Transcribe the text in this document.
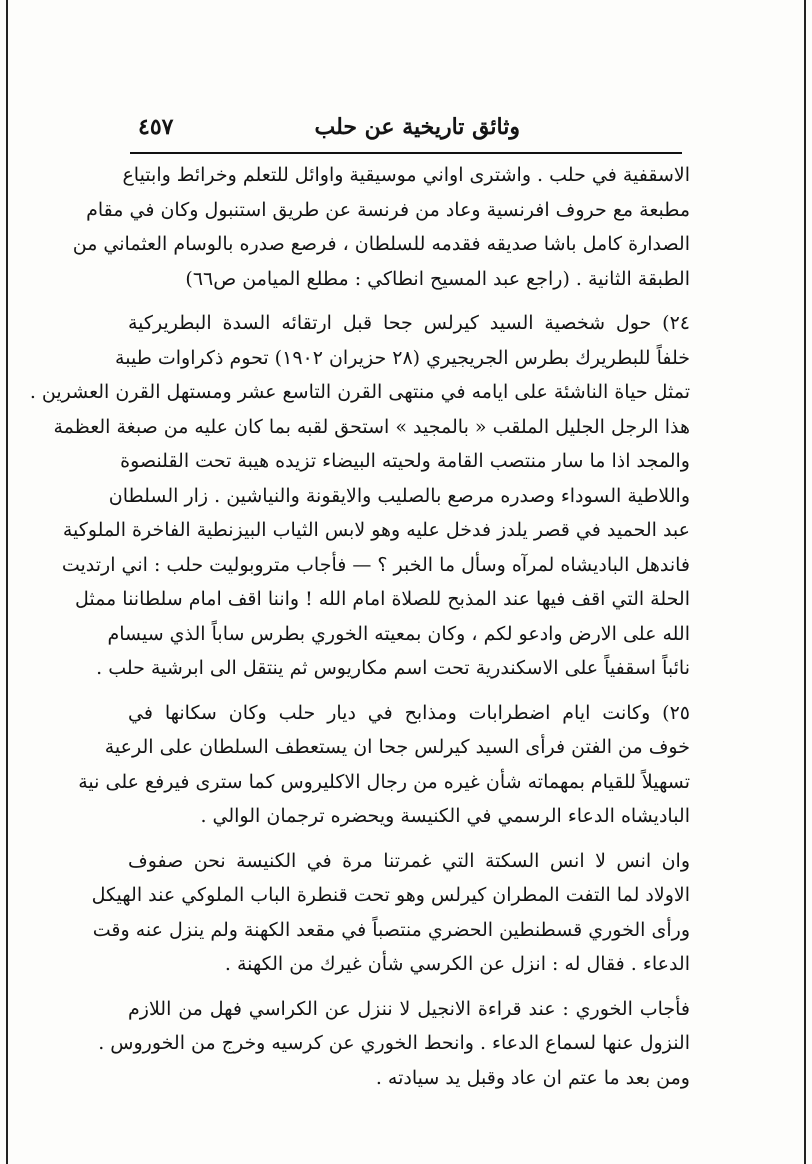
وثائق تاريخية عن حلب
٤٥٧
الاسقفية في حلب . واشترى اواني موسيقية واوائل للتعلم وخرائط وابتياع
مطبعة مع حروف افرنسية وعاد من فرنسة عن طريق استنبول وكان في مقام
الصدارة كامل باشا صديقه فقدمه للسلطان ، فرصع صدره بالوسام العثماني من
الطبقة الثانية . (راجع عبد المسيح انطاكي : مطلع الميامن ص٦٦)
٢٤) حول شخصية السيد كيرلس جحا قبل ارتقائه السدة البطريركية
خلفاً للبطريرك بطرس الجريجيري (٢٨ حزيران ١٩٠٢) تحوم ذكراوات طيبة
تمثل حياة الناشئة على ايامه في منتهى القرن التاسع عشر ومستهل القرن العشرين .
هذا الرجل الجليل الملقب « بالمجيد » استحق لقبه بما كان عليه من صبغة العظمة
والمجد اذا ما سار منتصب القامة ولحيته البيضاء تزيده هيبة تحت القلنصوة
واللاطية السوداء وصدره مرصع بالصليب والايقونة والنياشين . زار السلطان
عبد الحميد في قصر يلدز فدخل عليه وهو لابس الثياب البيزنطية الفاخرة الملوكية
فاندهل الباديشاه لمرآه وسأل ما الخبر ؟ — فأجاب متروبوليت حلب : اني ارتديت
الحلة التي اقف فيها عند المذبح للصلاة امام الله ! واننا اقف امام سلطاننا ممثل
الله على الارض وادعو لكم ، وكان بمعيته الخوري بطرس ساباً الذي سيسام
نائباً اسقفياً على الاسكندرية تحت اسم مكاريوس ثم ينتقل الى ابرشية حلب .
٢٥) وكانت ايام اضطرابات ومذابح في ديار حلب وكان سكانها في
خوف من الفتن فرأى السيد كيرلس جحا ان يستعطف السلطان على الرعية
تسهيلاً للقيام بمهماته شأن غيره من رجال الاكليروس كما سترى فيرفع على نية
الباديشاه الدعاء الرسمي في الكنيسة ويحضره ترجمان الوالي .
وان انس لا انس السكتة التي غمرتنا مرة في الكنيسة نحن صفوف
الاولاد لما التفت المطران كيرلس وهو تحت قنطرة الباب الملوكي عند الهيكل
ورأى الخوري قسطنطين الحضري منتصباً في مقعد الكهنة ولم ينزل عنه وقت
الدعاء . فقال له : انزل عن الكرسي شأن غيرك من الكهنة .
فأجاب الخوري : عند قراءة الانجيل لا ننزل عن الكراسي فهل من اللازم
النزول عنها لسماع الدعاء . وانحط الخوري عن كرسيه وخرج من الخوروس .
ومن بعد ما عتم ان عاد وقبل يد سيادته .
